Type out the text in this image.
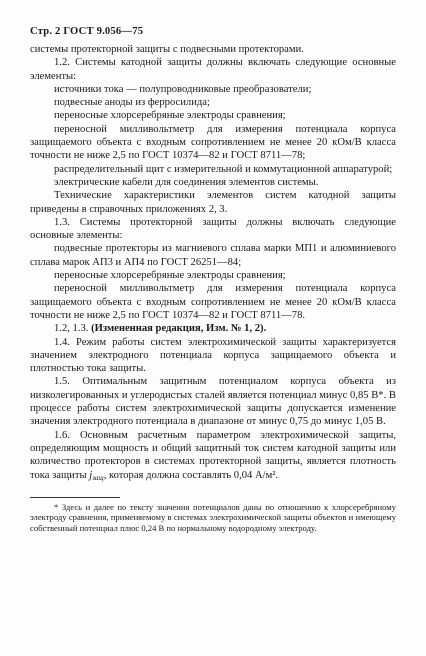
Стр. 2 ГОСТ 9.056—75

системы протекторной защиты с подвесными протекторами.

1.2. Системы катодной защиты должны включать следующие основные элементы:

источники тока — полупроводниковые преобразователи;

подвесные аноды из ферросилида;

переносные хлорсеребряные электроды сравнения;

переносной милливольтметр для измерения потенциала корпуса защищаемого объекта с входным сопротивлением не менее 20 кОм/В класса точности не ниже 2,5 по ГОСТ 10374—82 и ГОСТ 8711—78;

распределительный щит с измерительной и коммутационной аппаратурой;

электрические кабели для соединения элементов системы.

Технические характеристики элементов систем катодной защиты приведены в справочных приложениях 2, 3.

1.3. Системы протекторной защиты должны включать следующие основные элементы:

подвесные протекторы из магниевого сплава марки МП1 и алюминиевого сплава марок АП3 и АП4 по ГОСТ 26251—84;

переносные хлорсеребряные электроды сравнения;

переносной милливольтметр для измерения потенциала корпуса защищаемого объекта с входным сопротивлением не менее 20 кОм/В класса точности не ниже 2,5 по ГОСТ 10374—82 и ГОСТ 8711—78.

1.2, 1.3. (Измененная редакция, Изм. № 1, 2).

1.4. Режим работы систем электрохимической защиты характеризуется значением электродного потенциала корпуса защищаемого объекта и плотностью тока защиты.

1.5. Оптимальным защитным потенциалом корпуса объекта из низколегированных и углеродистых сталей является потенциал минус 0,85 В*. В процессе работы систем электрохимической защиты допускается изменение значения электродного потенциала в диапазоне от минус 0,75 до минус 1,05 В.

1.6. Основным расчетным параметром электрохимической защиты, определяющим мощность и общий защитный ток систем катодной защиты или количество протекторов в системах протекторной защиты, является плотность тока защиты $j_{защ}$, которая должна составлять 0,04 А/м².

* Здесь и далее по тексту значения потенциалов даны по отношению к хлорсеребряному электроду сравнения, применяемому в системах электрохимической защиты объектов и имеющему собственный потенциал плюс 0,24 В по нормальному водородному электроду.
